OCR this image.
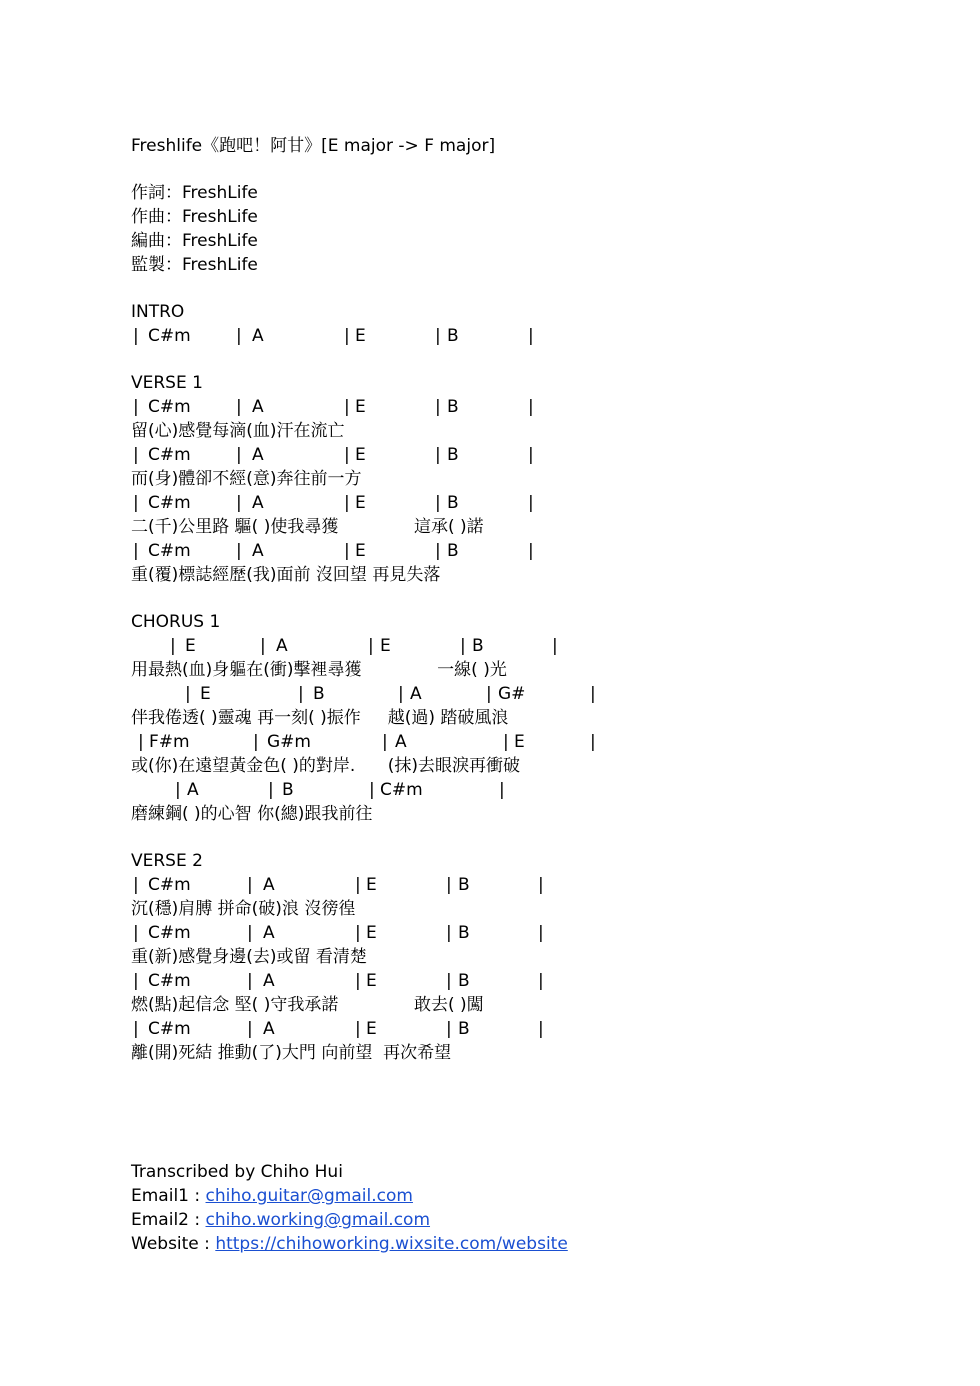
Freshlife《跑吧！阿甘》[E major -> F major]
作詞：FreshLife
作曲：FreshLife
編曲：FreshLife
監製：FreshLife
INTRO
| C#m	| A	| E	| B	|
VERSE 1
| C#m	| A	| E	| B	|
留(心)感覺每滴(血)汗在流亡
| C#m	| A	| E	| B	|
而(身)體卻不經(意)奔往前一方
| C#m	| A	| E	| B	|
二(千)公里路 驅( )使我尋獲              這承( )諾
| C#m	| A	| E	| B	|
重(覆)標誌經歷(我)面前 沒回望 再見失落
CHORUS 1
| E	| A	| E	| B	|
用最熱(血)身軀在(衝)擊裡尋獲              一線( )光
| E	| B	| A	| G#	|
伴我倦透( )靈魂 再一刻( )振作     越(過) 踏破風浪
| F#m	| G#m	| A	| E	|
或(你)在遠望黃金色( )的對岸.      (抹)去眼淚再衝破
| A	| B	| C#m	|
磨練鋼( )的心智 你(總)跟我前往
VERSE 2
| C#m	| A	| E	| B	|
沉(穩)肩膊 拼命(破)浪 沒徬徨
| C#m	| A	| E	| B	|
重(新)感覺身邊(去)或留 看清楚
| C#m	| A	| E	| B	|
燃(點)起信念 堅( )守我承諾              敢去( )闖
| C#m	| A	| E	| B	|
離(開)死結 推動(了)大門 向前望  再次希望
Transcribed by Chiho Hui
Email1 : chiho.guitar@gmail.com
Email2 : chiho.working@gmail.com
Website : https://chihoworking.wixsite.com/website
